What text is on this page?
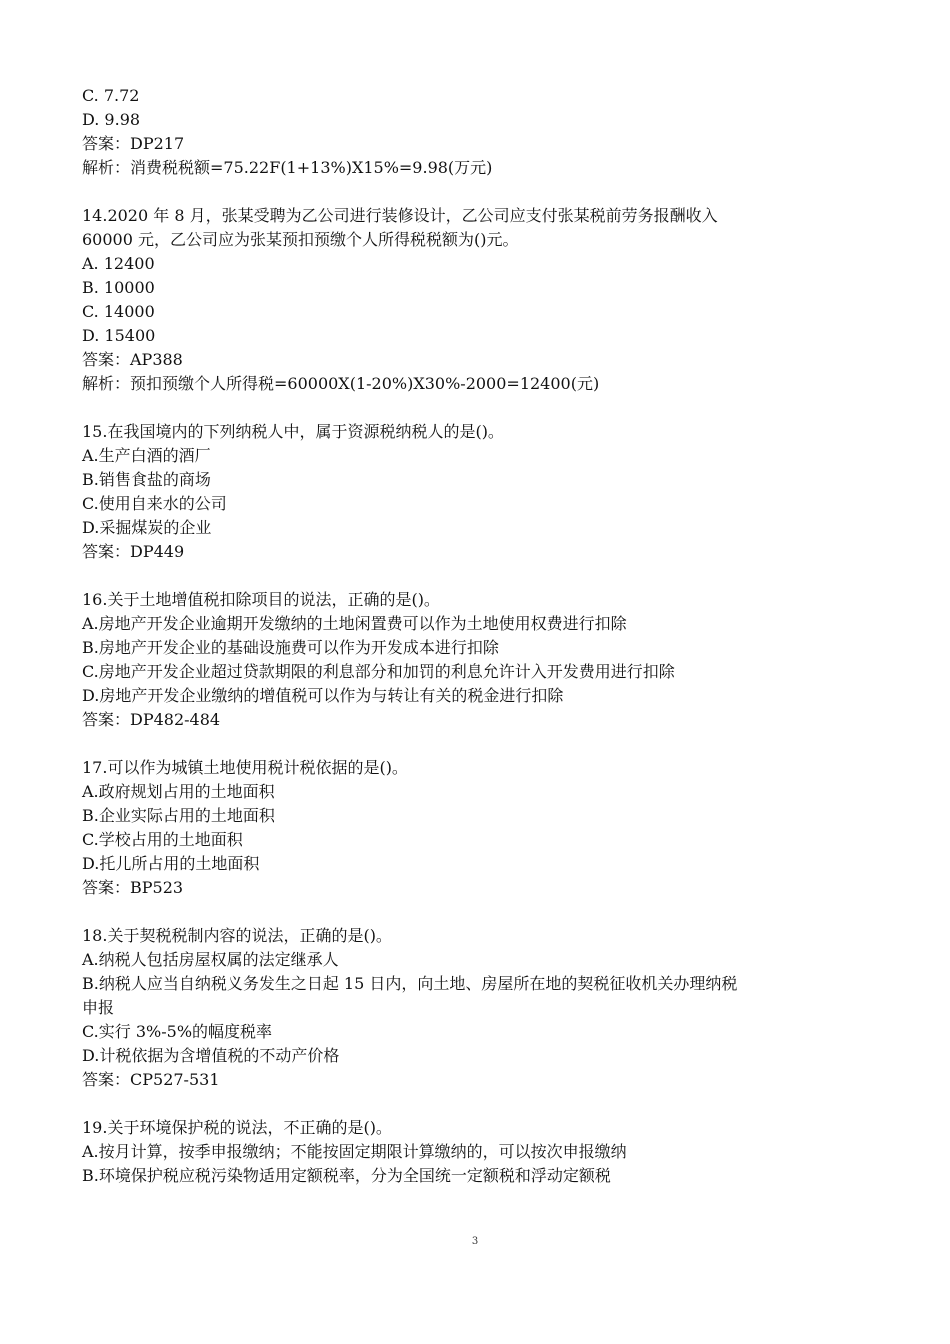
C. 7.72
D. 9.98
答案：DP217
解析：消费税税额=75.22F(1+13%)X15%=9.98(万元)
14.2020 年 8 月，张某受聘为乙公司进行装修设计，乙公司应支付张某税前劳务报酬收入
60000 元，乙公司应为张某预扣预缴个人所得税税额为()元。
A. 12400
B. 10000
C. 14000
D. 15400
答案：AP388
解析：预扣预缴个人所得税=60000X(1-20%)X30%-2000=12400(元)
15.在我国境内的下列纳税人中，属于资源税纳税人的是()。
A.生产白酒的酒厂
B.销售食盐的商场
C.使用自来水的公司
D.采掘煤炭的企业
答案：DP449
16.关于土地增值税扣除项目的说法，正确的是()。
A.房地产开发企业逾期开发缴纳的土地闲置费可以作为土地使用权费进行扣除
B.房地产开发企业的基础设施费可以作为开发成本进行扣除
C.房地产开发企业超过贷款期限的利息部分和加罚的利息允许计入开发费用进行扣除
D.房地产开发企业缴纳的增值税可以作为与转让有关的税金进行扣除
答案：DP482-484
17.可以作为城镇土地使用税计税依据的是()。
A.政府规划占用的土地面积
B.企业实际占用的土地面积
C.学校占用的土地面积
D.托儿所占用的土地面积
答案：BP523
18.关于契税税制内容的说法，正确的是()。
A.纳税人包括房屋权属的法定继承人
B.纳税人应当自纳税义务发生之日起 15 日内，向土地、房屋所在地的契税征收机关办理纳税
申报
C.实行 3%-5%的幅度税率
D.计税依据为含增值税的不动产价格
答案：CP527-531
19.关于环境保护税的说法，不正确的是()。
A.按月计算，按季申报缴纳；不能按固定期限计算缴纳的，可以按次申报缴纳
B.环境保护税应税污染物适用定额税率，分为全国统一定额税和浮动定额税
3
